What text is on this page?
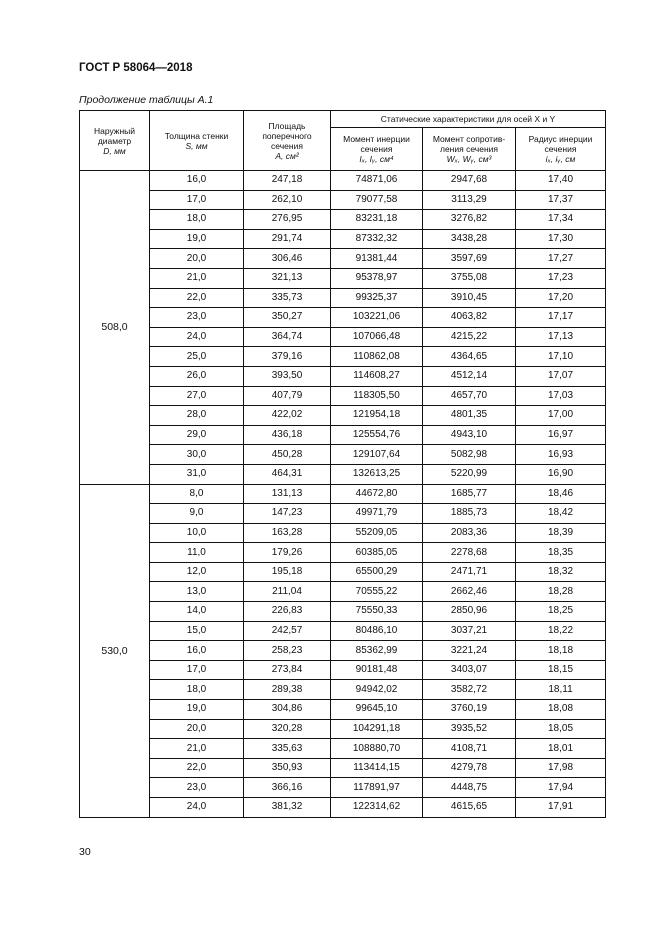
ГОСТ Р 58064—2018
Продолжение таблицы А.1
Наружный
диаметр
D, мм	Толщина стенки
S, мм	Площадь
поперечного
сечения
A, см²	Статические характеристики для осей X и Y		
			Момент инерции
сечения
Iₓ, Iᵧ, см⁴	Момент сопротив-
ления сечения
Wₓ, Wᵧ, см³	Радиус инерции
сечения
iₓ, iᵧ, см
508,0	16,0	247,18	74871,06	2947,68	17,40
	17,0	262,10	79077,58	3113,29	17,37
	18,0	276,95	83231,18	3276,82	17,34
	19,0	291,74	87332,32	3438,28	17,30
	20,0	306,46	91381,44	3597,69	17,27
	21,0	321,13	95378,97	3755,08	17,23
	22,0	335,73	99325,37	3910,45	17,20
	23,0	350,27	103221,06	4063,82	17,17
	24,0	364,74	107066,48	4215,22	17,13
	25,0	379,16	110862,08	4364,65	17,10
	26,0	393,50	114608,27	4512,14	17,07
	27,0	407,79	118305,50	4657,70	17,03
	28,0	422,02	121954,18	4801,35	17,00
	29,0	436,18	125554,76	4943,10	16,97
	30,0	450,28	129107,64	5082,98	16,93
	31,0	464,31	132613,25	5220,99	16,90
530,0	8,0	131,13	44672,80	1685,77	18,46
	9,0	147,23	49971,79	1885,73	18,42
	10,0	163,28	55209,05	2083,36	18,39
	11,0	179,26	60385,05	2278,68	18,35
	12,0	195,18	65500,29	2471,71	18,32
	13,0	211,04	70555,22	2662,46	18,28
	14,0	226,83	75550,33	2850,96	18,25
	15,0	242,57	80486,10	3037,21	18,22
	16,0	258,23	85362,99	3221,24	18,18
	17,0	273,84	90181,48	3403,07	18,15
	18,0	289,38	94942,02	3582,72	18,11
	19,0	304,86	99645,10	3760,19	18,08
	20,0	320,28	104291,18	3935,52	18,05
	21,0	335,63	108880,70	4108,71	18,01
	22,0	350,93	113414,15	4279,78	17,98
	23,0	366,16	117891,97	4448,75	17,94
	24,0	381,32	122314,62	4615,65	17,91
30
